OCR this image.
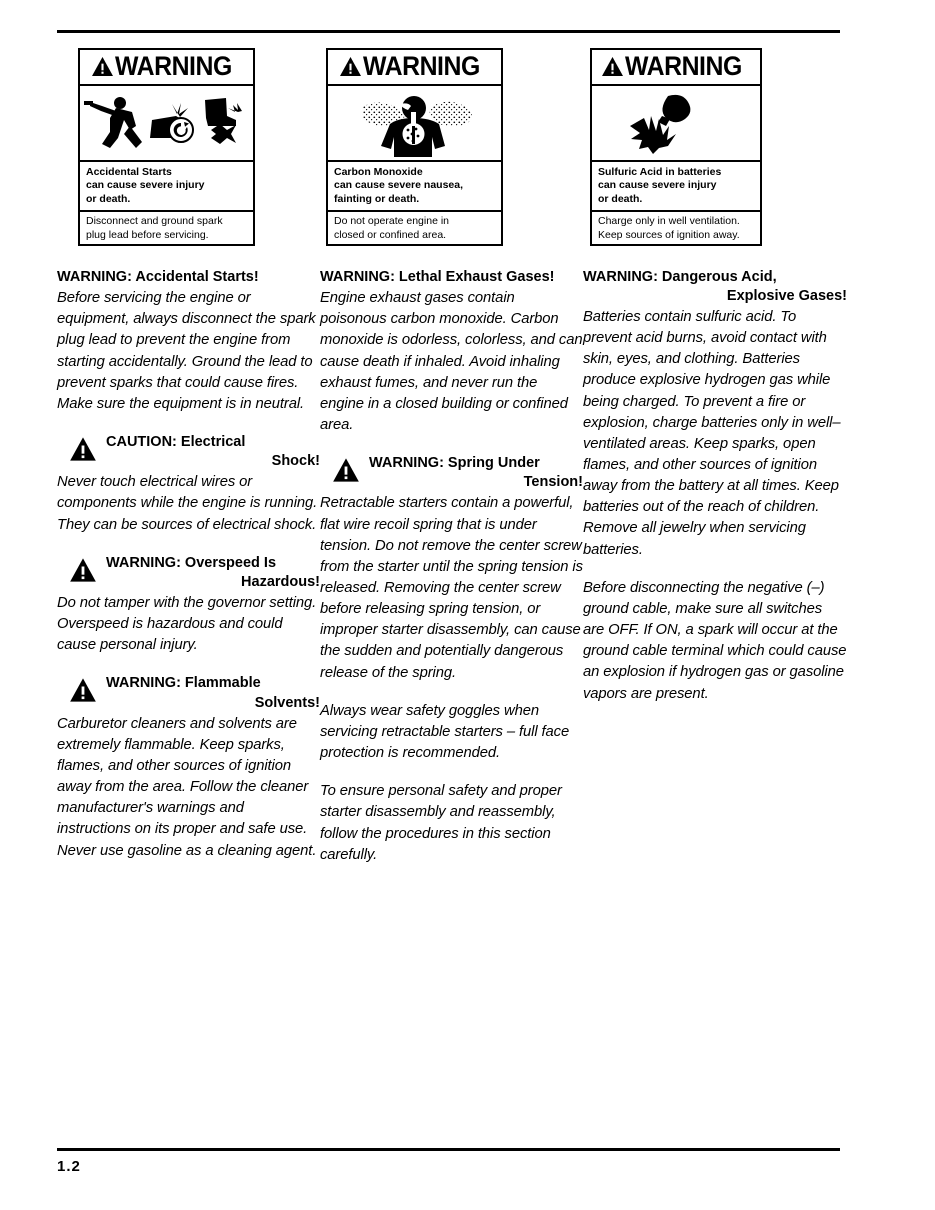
WARNING

Accidental Starts

can cause severe injury

or death.

Disconnect and ground spark

plug lead before servicing.

WARNING: Accidental Starts!

Before servicing the engine or equipment, always disconnect the spark plug lead to prevent the engine from starting accidentally. Ground the lead to prevent sparks that could cause fires. Make sure the equipment is in neutral.

CAUTION: Electrical
Shock!

Never touch electrical wires or components while the engine is running. They can be sources of electrical shock.

WARNING: Overspeed Is
Hazardous!

Do not tamper with the governor setting. Overspeed is hazardous and could cause personal injury.

WARNING: Flammable
Solvents!

Carburetor cleaners and solvents are extremely flammable. Keep sparks, flames, and other sources of ignition away from the area. Follow the cleaner manufacturer's warnings and instructions on its proper and safe use. Never use gasoline as a cleaning agent.

WARNING

Carbon Monoxide

can cause severe nausea,

fainting or death.

Do not operate engine in

closed or confined area.

WARNING: Lethal Exhaust Gases!

Engine exhaust gases contain poisonous carbon monoxide. Carbon monoxide is odorless, colorless, and can cause death if inhaled. Avoid inhaling exhaust fumes, and never run the engine in a closed building or confined area.

WARNING: Spring Under
Tension!

Retractable starters contain a powerful, flat wire recoil spring that is under tension. Do not remove the center screw from the starter until the spring tension is released. Removing the center screw before releasing spring tension, or improper starter disassembly, can cause the sudden and potentially dangerous release of the spring.

Always wear safety goggles when servicing retractable starters – full face protection is recommended.

To ensure personal safety and proper starter disassembly and reassembly, follow the procedures in this section carefully.

WARNING

Sulfuric Acid in batteries

can cause severe injury

or death.

Charge only in well ventilation.

Keep sources of ignition away.

WARNING: Dangerous Acid,
Explosive Gases!

Batteries contain sulfuric acid. To prevent acid burns, avoid contact with skin, eyes, and clothing. Batteries produce explosive hydrogen gas while being charged. To prevent a fire or explosion, charge batteries only in well–ventilated areas. Keep sparks, open flames, and other sources of ignition away from the battery at all times. Keep batteries out of the reach of children. Remove all jewelry when servicing batteries.

Before disconnecting the negative (–) ground cable, make sure all switches are OFF. If ON, a spark will occur at the ground cable terminal which could cause an explosion if hydrogen gas or gasoline vapors are present.

1.2
